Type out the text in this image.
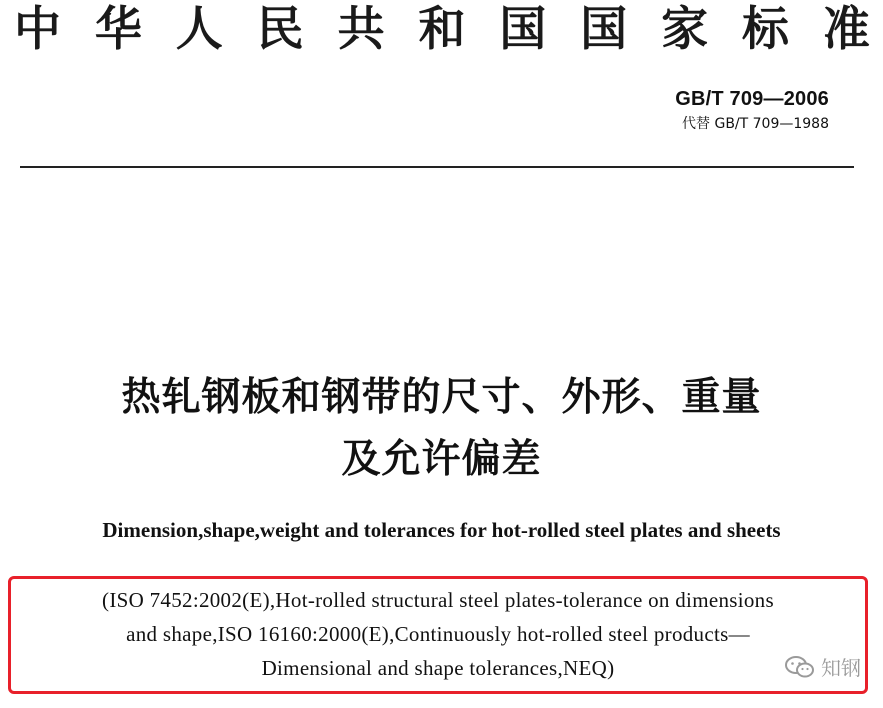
中 华 人 民 共 和 国 国 家 标 准
GB/T 709—2006
代替 GB/T 709—1988
热轧钢板和钢带的尺寸、外形、重量
及允许偏差
Dimension,shape,weight and tolerances for hot-rolled steel plates and sheets
(ISO 7452:2002(E),Hot-rolled structural steel plates-tolerance on dimensions
and shape,ISO 16160:2000(E),Continuously hot-rolled steel products—
Dimensional and shape tolerances,NEQ)	知钢
